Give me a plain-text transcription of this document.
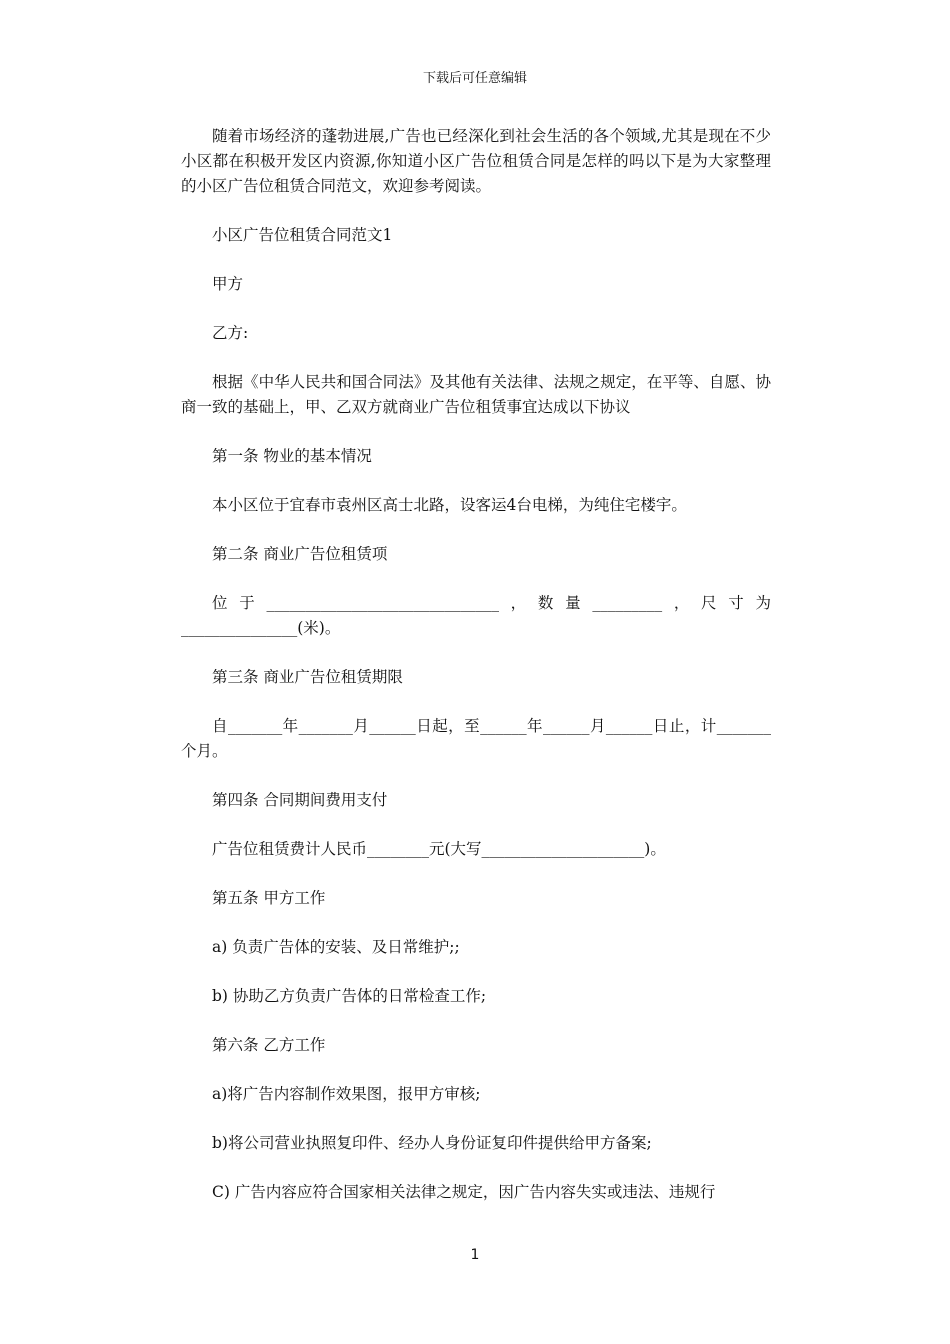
下载后可任意编辑

随着市场经济的蓬勃进展,广告也已经深化到社会生活的各个领域,尤其是现在不少小区都在积极开发区内资源,你知道小区广告位租赁合同是怎样的吗以下是为大家整理的小区广告位租赁合同范文，欢迎参考阅读。

小区广告位租赁合同范文1

甲方

乙方:

根据《中华人民共和国合同法》及其他有关法律、法规之规定，在平等、自愿、协商一致的基础上，甲、乙双方就商业广告位租赁事宜达成以下协议

第一条 物业的基本情况

本小区位于宜春市袁州区高士北路，设客运4台电梯，为纯住宅楼宇。

第二条 商业广告位租赁项

位于______________________________，数量_________，尺寸为_______________(米)。

第三条 商业广告位租赁期限

自_______年_______月______日起，至______年______月______日止，计_______个月。

第四条 合同期间费用支付

广告位租赁费计人民币________元(大写_____________________)。

第五条 甲方工作

a) 负责广告体的安装、及日常维护;;

b) 协助乙方负责广告体的日常检查工作;

第六条 乙方工作

a)将广告内容制作效果图，报甲方审核;

b)将公司营业执照复印件、经办人身份证复印件提供给甲方备案;

C) 广告内容应符合国家相关法律之规定，因广告内容失实或违法、违规行

1
